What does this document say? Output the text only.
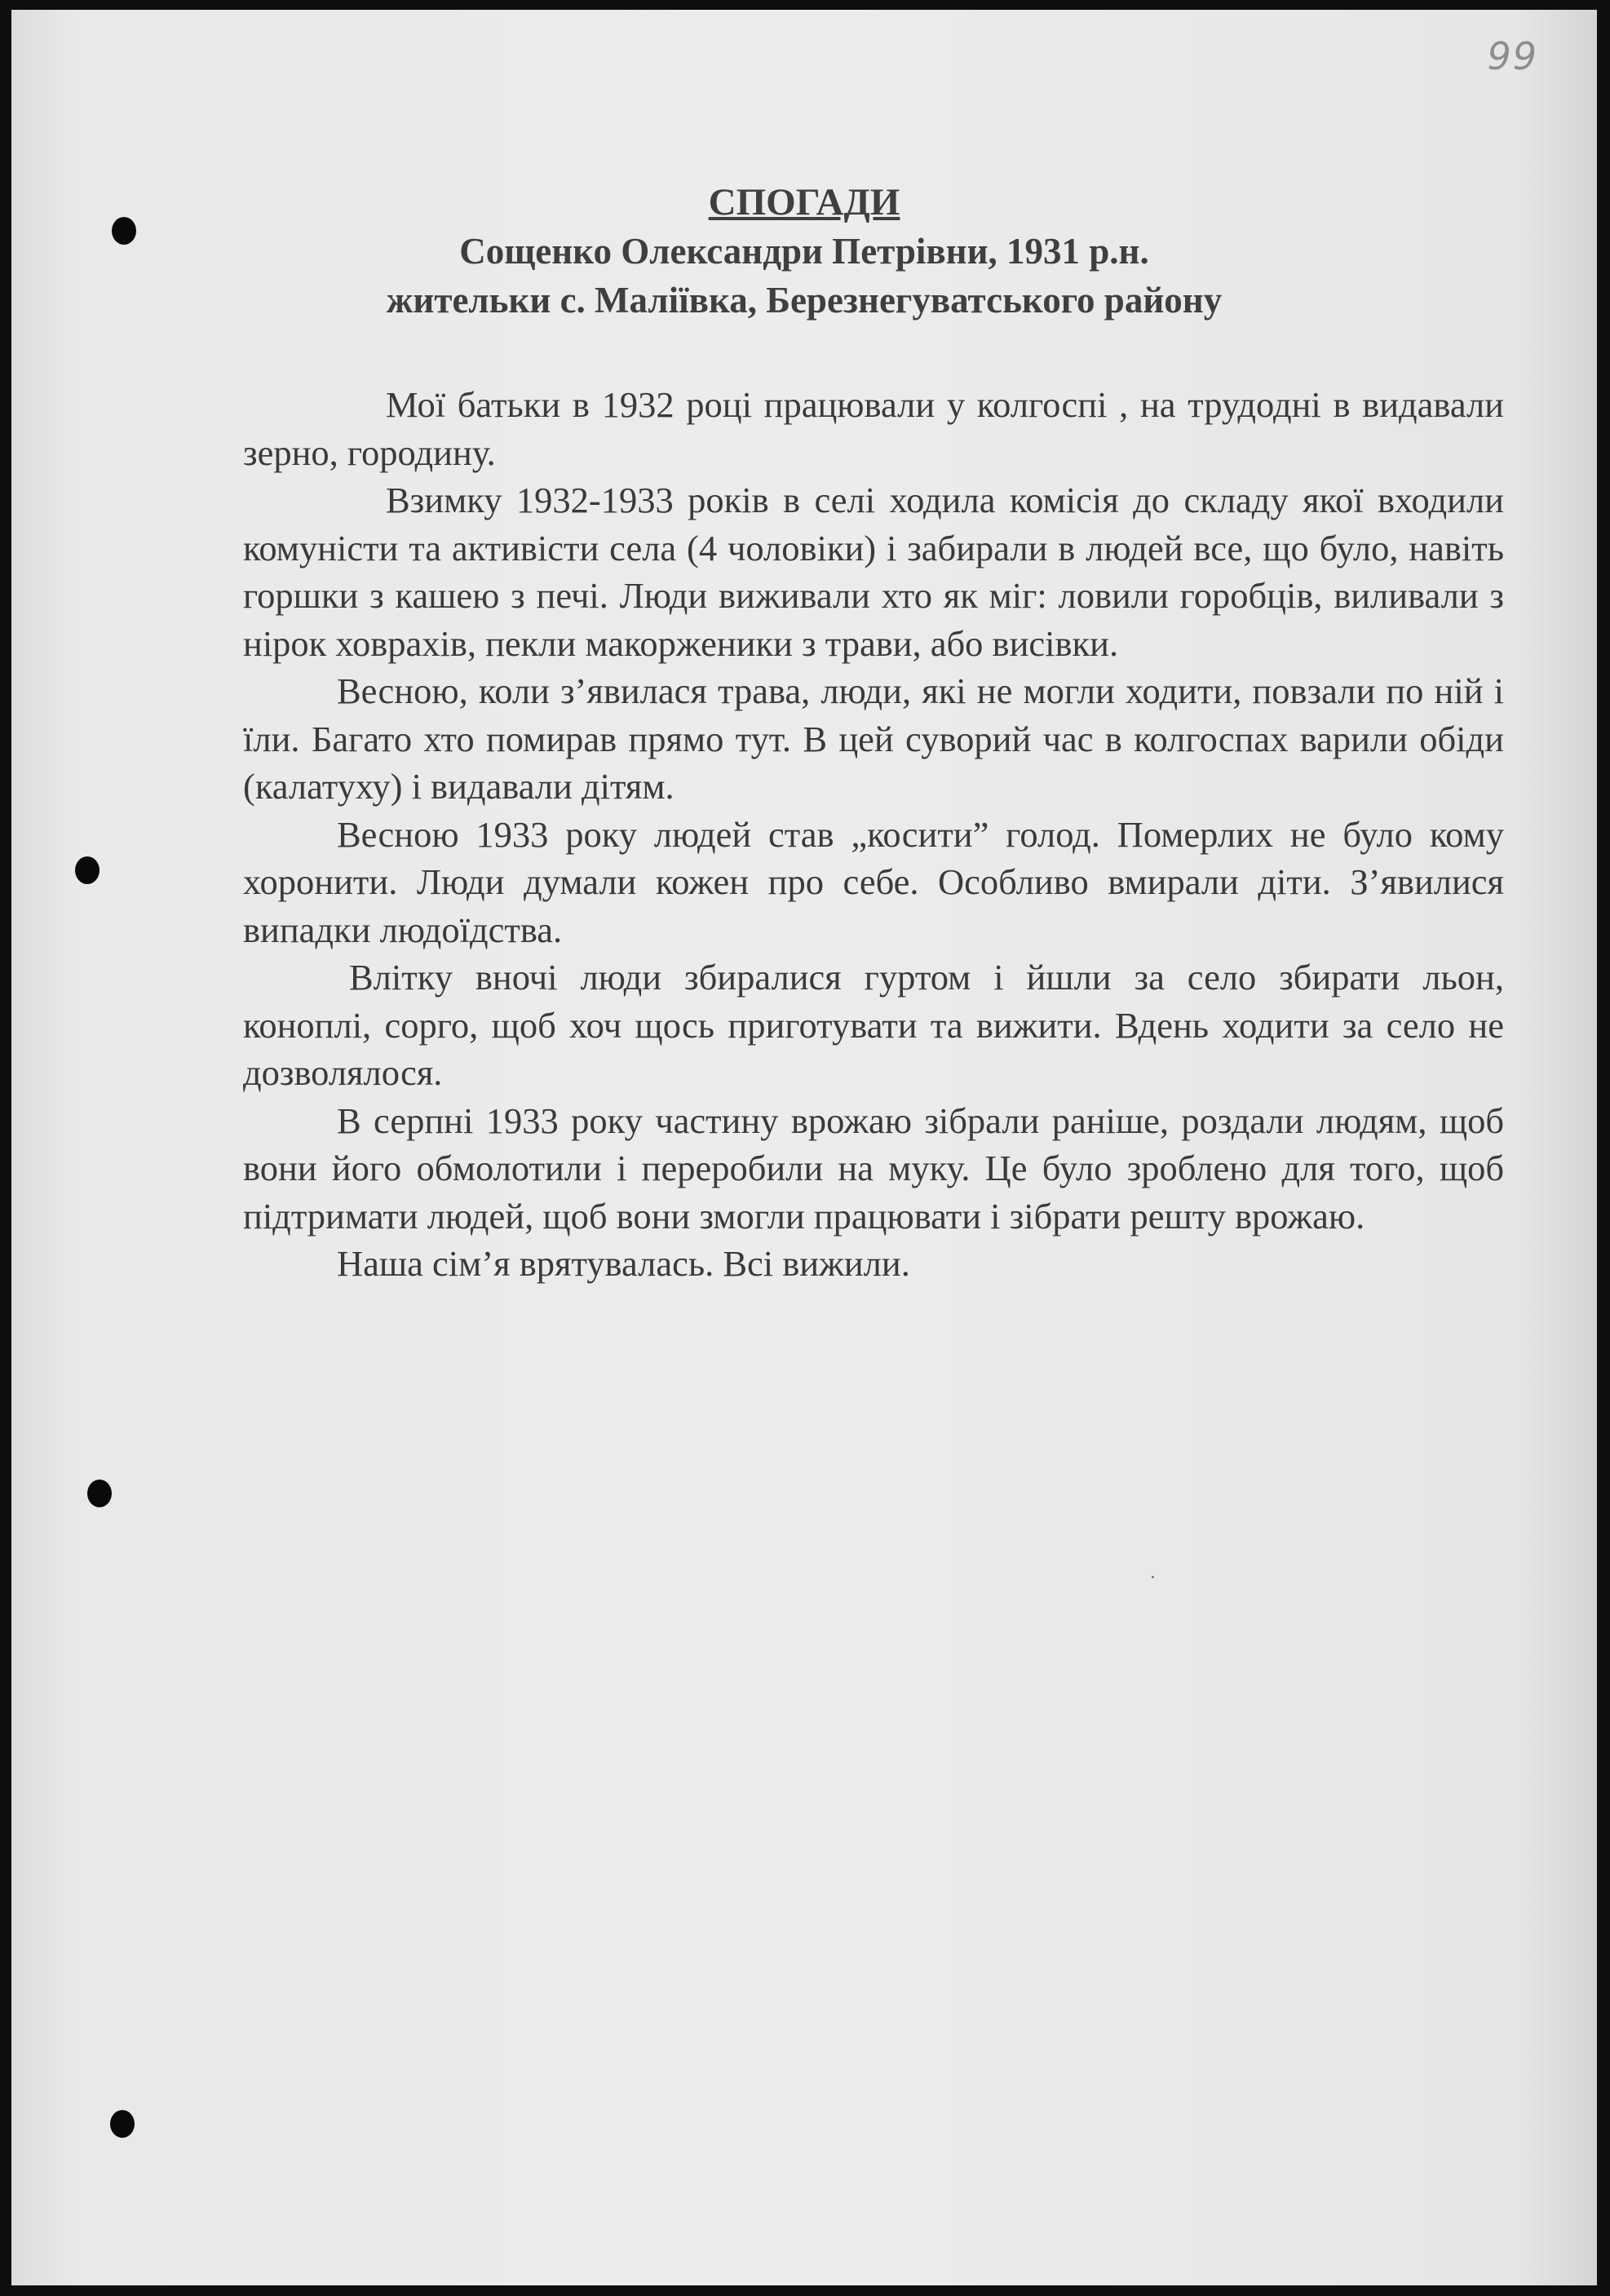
99

СПОГАДИ

Сощенко Олександри Петрівни, 1931 р.н.

жительки с. Маліївка, Березнегуватського району

Мої батьки в 1932 році працювали у колгоспі , на трудодні в видавали зерно, городину.

Взимку 1932-1933 років в селі ходила комісія до складу якої входили комуністи та активісти села (4 чоловіки) і забирали в людей все, що було, навіть горшки з кашею з печі. Люди виживали хто як міг: ловили горобців, виливали з нірок ховрахів, пекли макорженики з трави, або висівки.

Весною, коли з’явилася трава, люди, які не могли ходити, повзали по ній і їли. Багато хто помирав прямо тут. В цей суворий час в колгоспах варили обіди (калатуху) і видавали дітям.

Весною 1933 року людей став „косити” голод. Померлих не було кому хоронити. Люди думали кожен про себе. Особливо вмирали діти. З’явилися випадки людоїдства.

Влітку вночі люди збиралися гуртом і йшли за село збирати льон, коноплі, сорго, щоб хоч щось приготувати та вижити. Вдень ходити за село не дозволялося.

В серпні 1933 року частину врожаю зібрали раніше, роздали людям, щоб вони його обмолотили і переробили на муку. Це було зроблено для того, щоб підтримати людей, щоб вони змогли працювати і зібрати решту врожаю.

Наша сім’я врятувалась. Всі вижили.
